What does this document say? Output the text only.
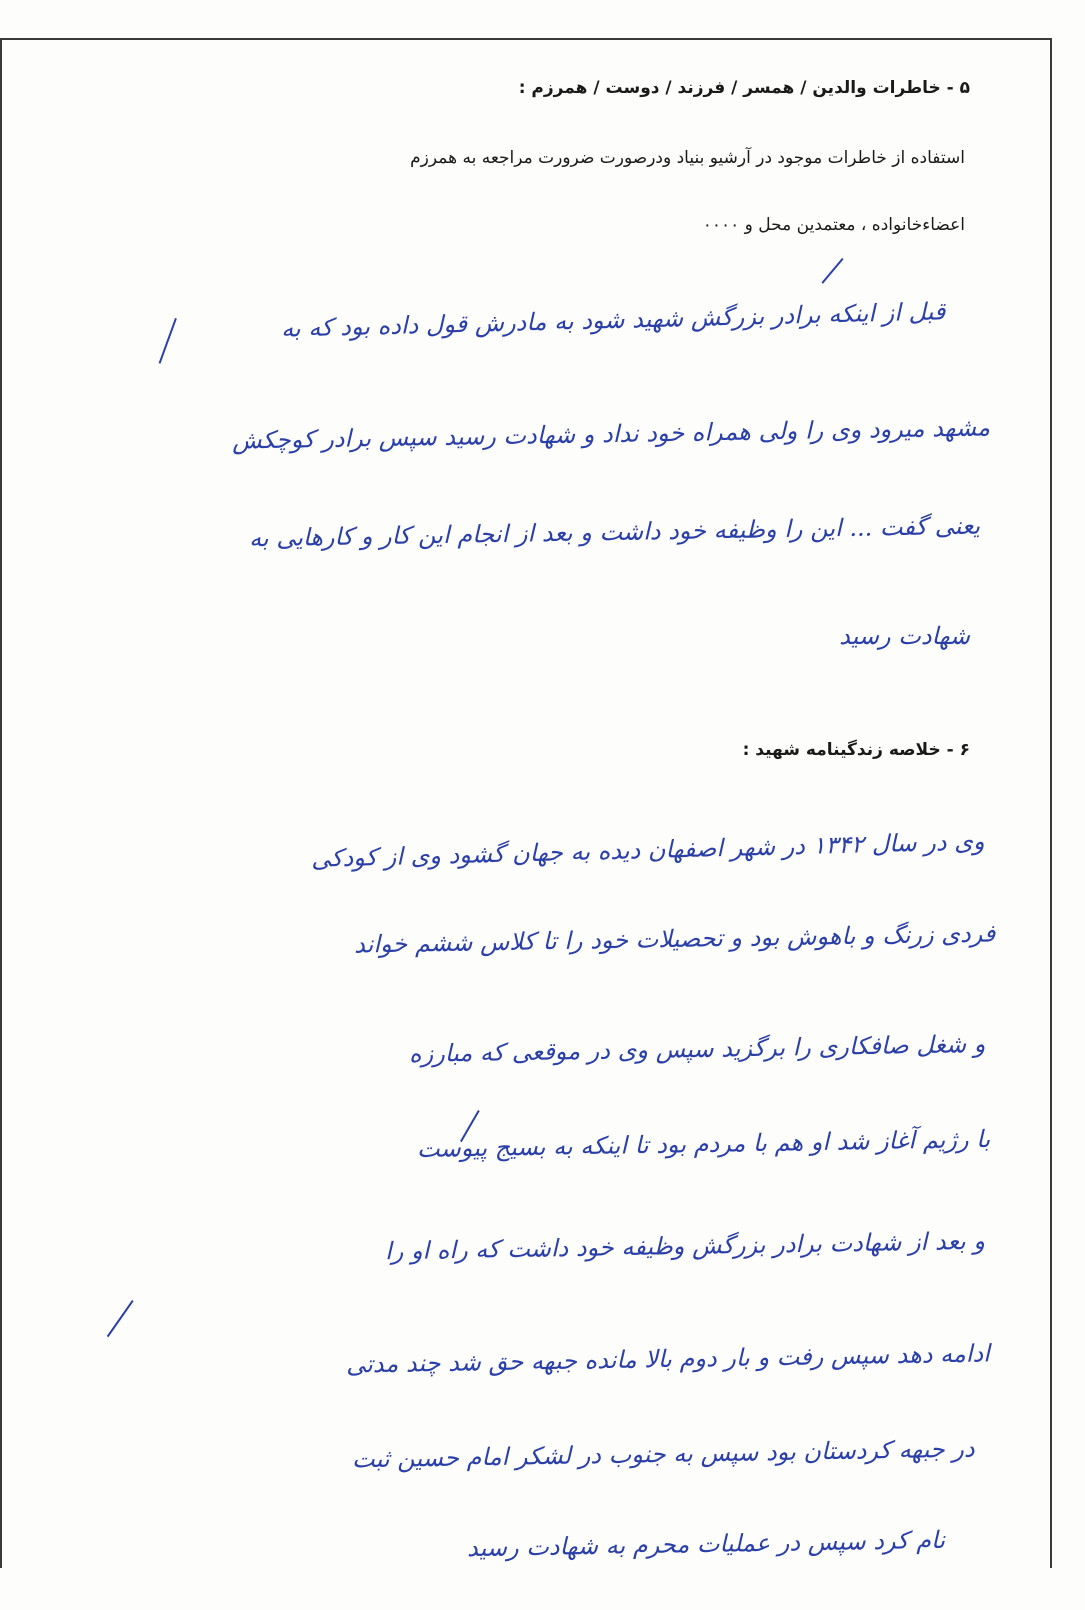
۵ - خاطرات والدین / همسر / فرزند / دوست / همرزم :
استفاده از خاطرات موجود در آرشیو بنیاد ودرصورت ضرورت مراجعه به همرزم
اعضاءخانواده ، معتمدین محل و ۰۰۰۰
قبل از اینکه برادر بزرگش شهید شود به مادرش قول داده بود که به
مشهد میرود وی را ولی همراه خود نداد و شهادت رسید سپس برادر کوچکش
یعنی گفت ... این را وظیفه خود داشت و بعد از انجام این کار و کارهایی به
شهادت رسید
۶ - خلاصه زندگینامه شهید :
وی در سال ۱۳۴۲ در شهر اصفهان دیده به جهان گشود وی از کودکی
فردی زرنگ و باهوش بود و تحصیلات خود را تا کلاس ششم خواند
و شغل صافکاری را برگزید سپس وی در موقعی که مبارزه
با رژیم آغاز شد او هم با مردم بود تا اینکه به بسیج پیوست
و بعد از شهادت برادر بزرگش وظیفه خود داشت که راه او را
ادامه دهد سپس رفت و بار دوم بالا مانده جبهه حق شد چند مدتی
در جبهه کردستان بود سپس به جنوب در لشکر امام حسین ثبت
نام کرد سپس در عملیات محرم به شهادت رسید
